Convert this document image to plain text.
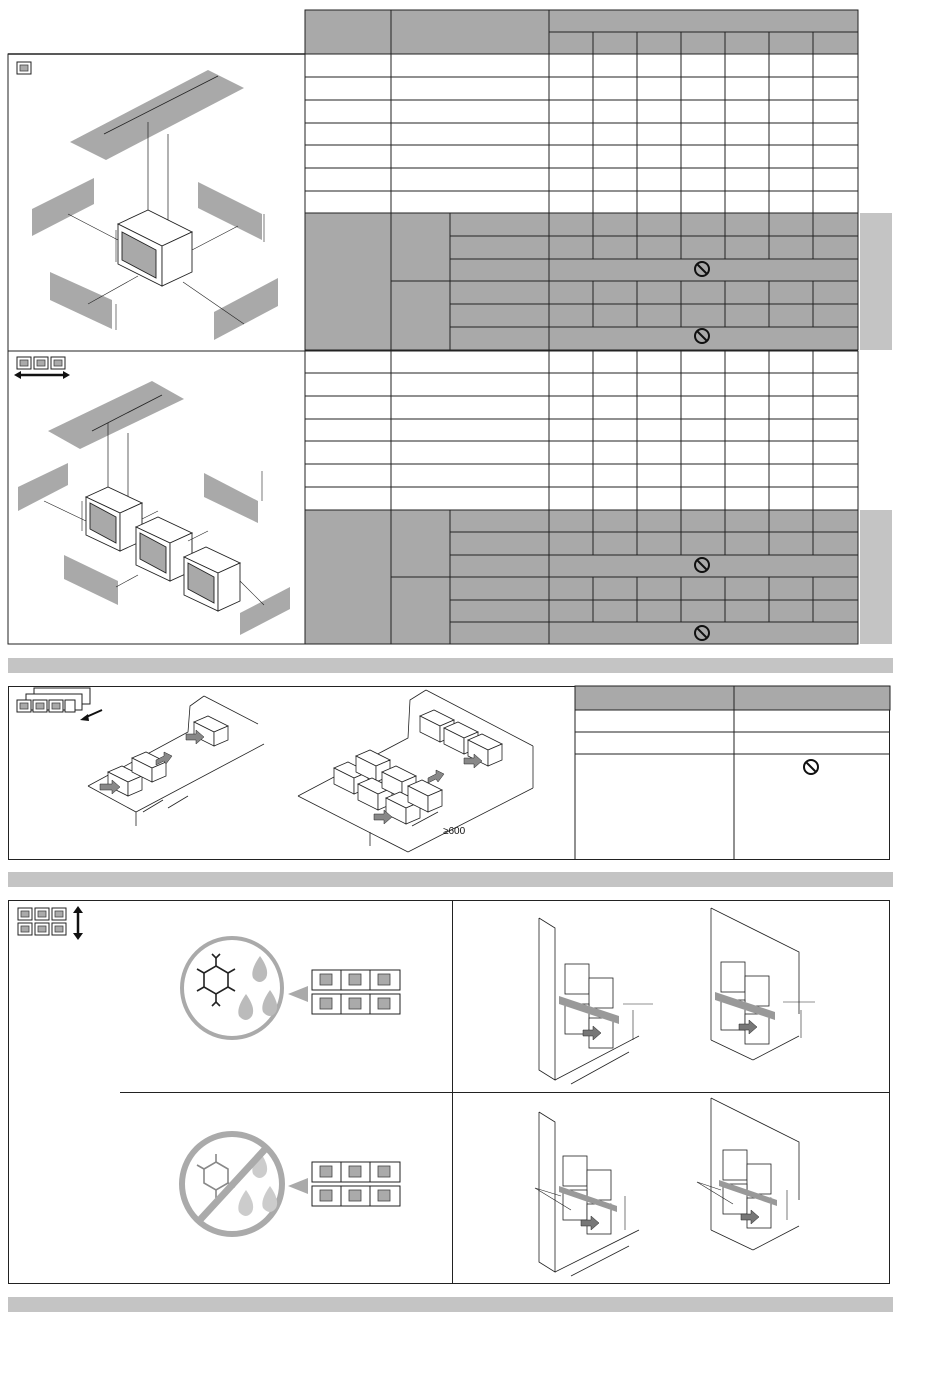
≥600
